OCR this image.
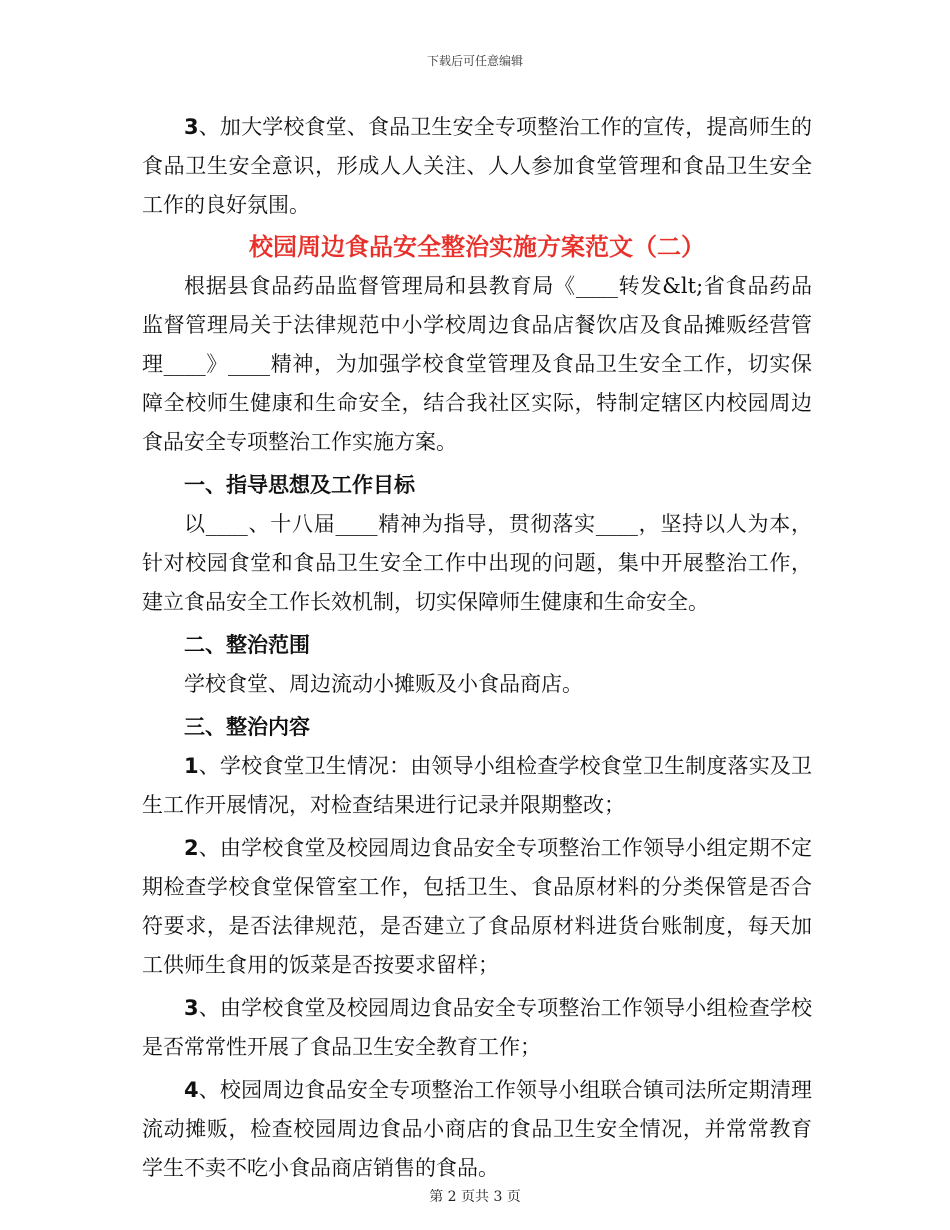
下载后可任意编辑

3、加大学校食堂、食品卫生安全专项整治工作的宣传，提高师生的食品卫生安全意识，形成人人关注、人人参加食堂管理和食品卫生安全工作的良好氛围。

校园周边食品安全整治实施方案范文（二）

根据县食品药品监督管理局和县教育局《____转发&lt;省食品药品监督管理局关于法律规范中小学校周边食品店餐饮店及食品摊贩经营管理____》____精神，为加强学校食堂管理及食品卫生安全工作，切实保障全校师生健康和生命安全，结合我社区实际，特制定辖区内校园周边食品安全专项整治工作实施方案。

一、指导思想及工作目标

以____、十八届____精神为指导，贯彻落实____，坚持以人为本，针对校园食堂和食品卫生安全工作中出现的问题，集中开展整治工作，建立食品安全工作长效机制，切实保障师生健康和生命安全。

二、整治范围

学校食堂、周边流动小摊贩及小食品商店。

三、整治内容

1、学校食堂卫生情况：由领导小组检查学校食堂卫生制度落实及卫生工作开展情况，对检查结果进行记录并限期整改；

2、由学校食堂及校园周边食品安全专项整治工作领导小组定期不定期检查学校食堂保管室工作，包括卫生、食品原材料的分类保管是否合符要求，是否法律规范，是否建立了食品原材料进货台账制度，每天加工供师生食用的饭菜是否按要求留样；

3、由学校食堂及校园周边食品安全专项整治工作领导小组检查学校是否常常性开展了食品卫生安全教育工作；

4、校园周边食品安全专项整治工作领导小组联合镇司法所定期清理流动摊贩，检查校园周边食品小商店的食品卫生安全情况，并常常教育学生不卖不吃小食品商店销售的食品。

第 2 页共 3 页
